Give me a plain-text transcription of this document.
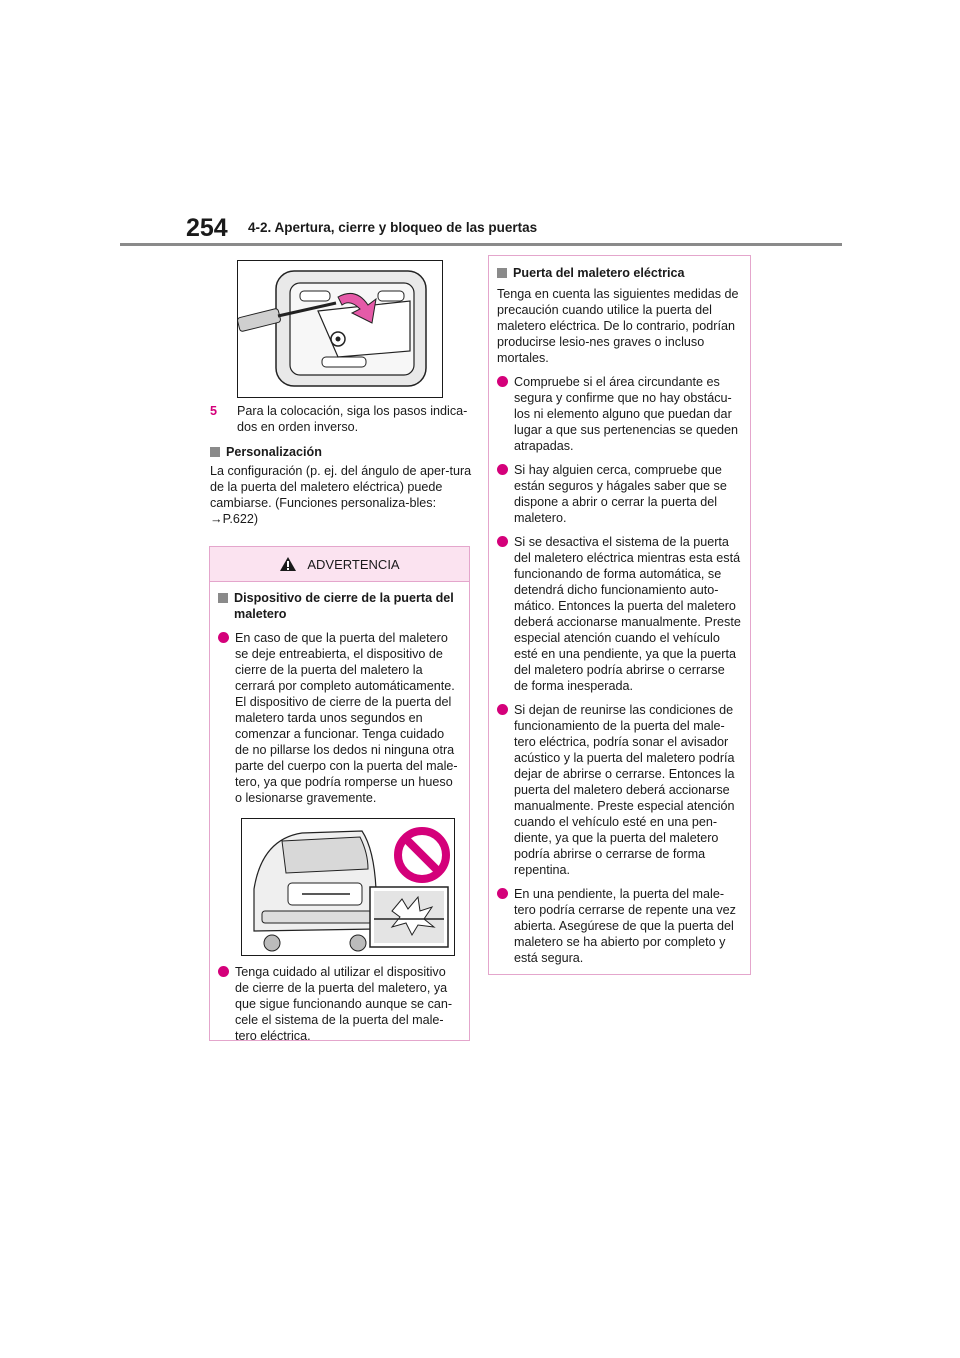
254 4-2. Apertura, cierre y bloqueo de las puertas
5	Para la colocación, siga los pasos indica-dos en orden inverso.

Personalización

La configuración (p. ej. del ángulo de aper-tura de la puerta del maletero eléctrica) puede cambiarse. (Funciones personaliza-bles: →P.622)

ADVERTENCIA
Dispositivo de cierre de la puerta del maletero

En caso de que la puerta del maletero se deje entreabierta, el dispositivo de cierre de la puerta del maletero la cerrará por completo automáticamente. El dispositivo de cierre de la puerta del maletero tarda unos segundos en comenzar a funcionar. Tenga cuidado de no pillarse los dedos ni ninguna otra parte del cuerpo con la puerta del male-tero, ya que podría romperse un hueso o lesionarse gravemente.

Tenga cuidado al utilizar el dispositivo de cierre de la puerta del maletero, ya que sigue funcionando aunque se can-cele el sistema de la puerta del male-tero eléctrica.

Puerta del maletero eléctrica

Tenga en cuenta las siguientes medidas de precaución cuando utilice la puerta del maletero eléctrica. De lo contrario, podrían producirse lesio-nes graves o incluso mortales.

Compruebe si el área circundante es segura y confirme que no hay obstácu-los ni elemento alguno que puedan dar lugar a que sus pertenencias se queden atrapadas.

Si hay alguien cerca, compruebe que están seguros y hágales saber que se dispone a abrir o cerrar la puerta del maletero.

Si se desactiva el sistema de la puerta del maletero eléctrica mientras esta está funcionando de forma automática, se detendrá dicho funcionamiento auto-mático. Entonces la puerta del maletero deberá accionarse manualmente. Preste especial atención cuando el vehículo esté en una pendiente, ya que la puerta del maletero podría abrirse o cerrarse de forma inesperada.

Si dejan de reunirse las condiciones de funcionamiento de la puerta del male-tero eléctrica, podría sonar el avisador acústico y la puerta del maletero podría dejar de abrirse o cerrarse. Entonces la puerta del maletero deberá accionarse manualmente. Preste especial atención cuando el vehículo esté en una pen-diente, ya que la puerta del maletero podría abrirse o cerrarse de forma repentina.

En una pendiente, la puerta del male-tero podría cerrarse de repente una vez abierta. Asegúrese de que la puerta del maletero se ha abierto por completo y está segura.
